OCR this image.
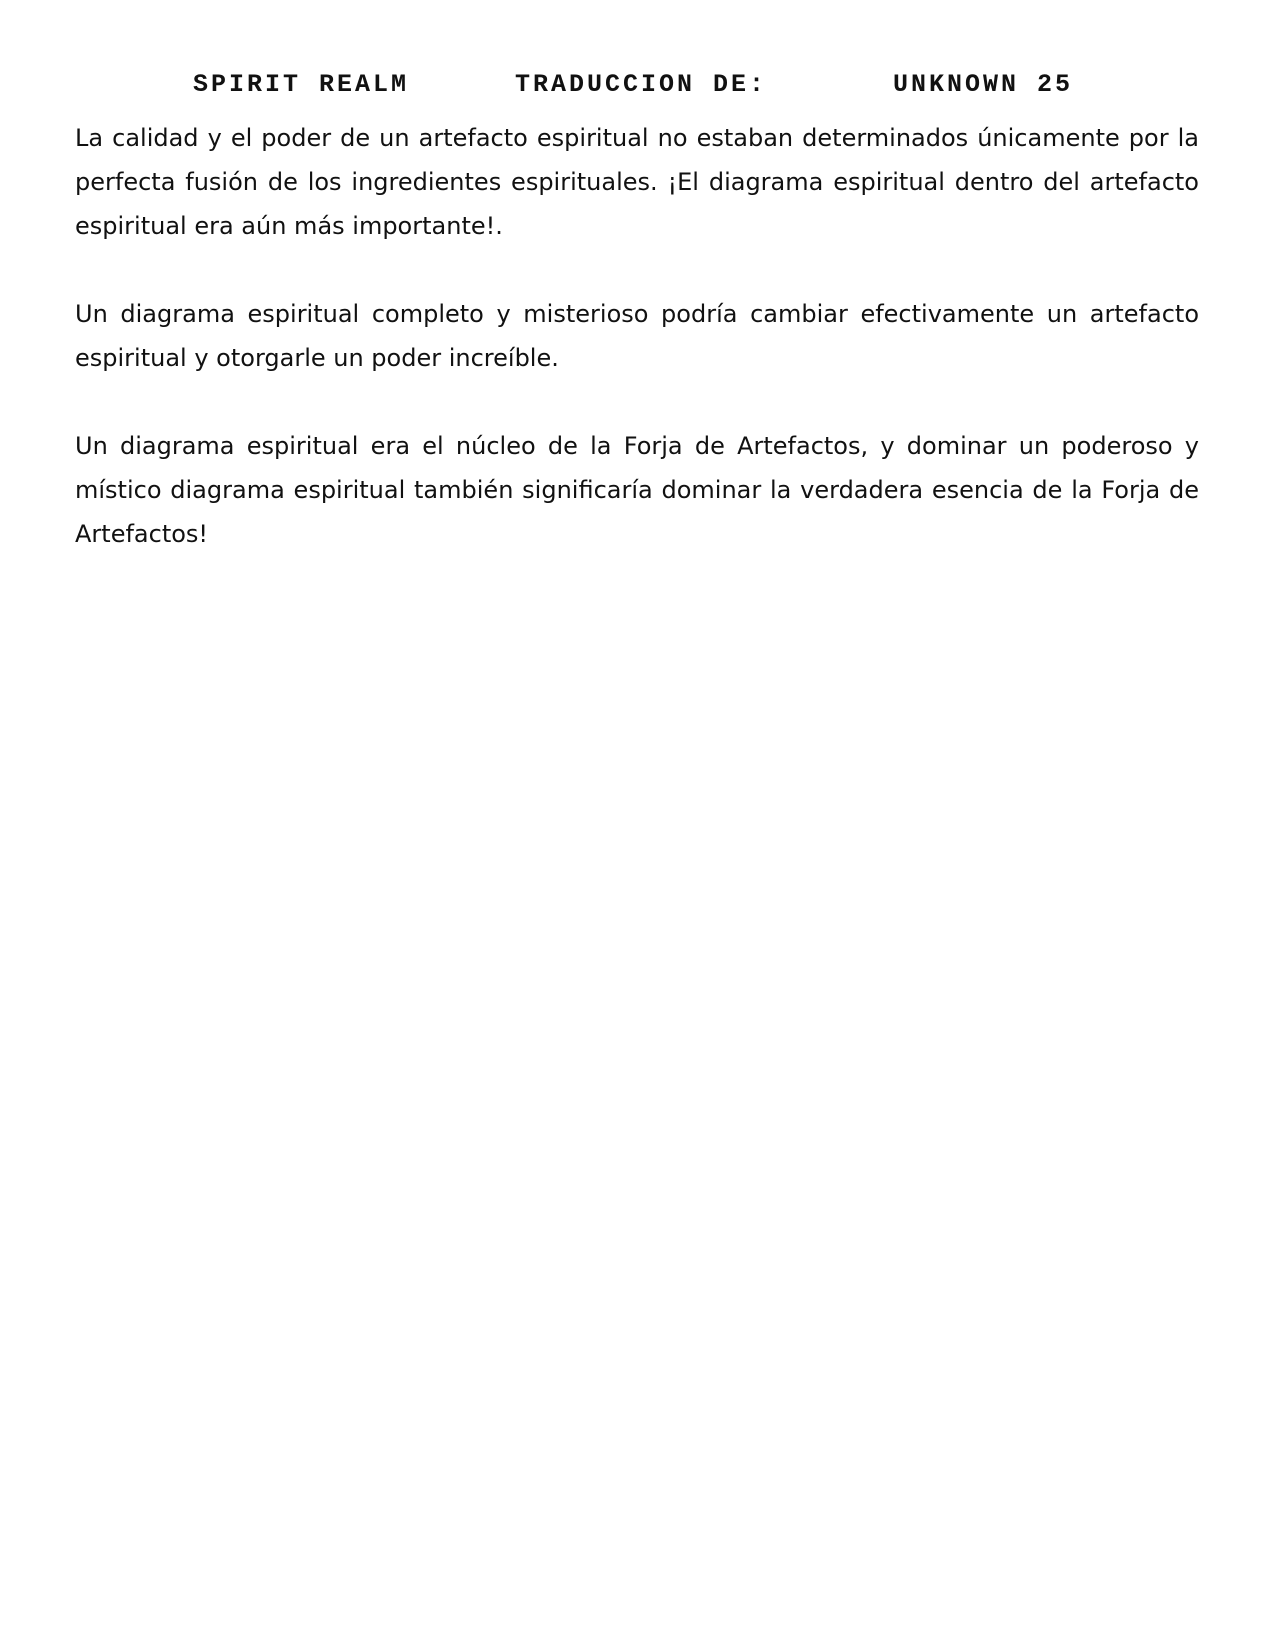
SPIRIT REALM	TRADUCCION DE:	UNKNOWN 25

La calidad y el poder de un artefacto espiritual no estaban determinados únicamente por la perfecta fusión de los ingredientes espirituales. ¡El diagrama espiritual dentro del artefacto espiritual era aún más importante!.

Un diagrama espiritual completo y misterioso podría cambiar efectivamente un artefacto espiritual y otorgarle un poder increíble.

Un diagrama espiritual era el núcleo de la Forja de Artefactos, y dominar un poderoso y místico diagrama espiritual también significaría dominar la verdadera esencia de la Forja de Artefactos!
